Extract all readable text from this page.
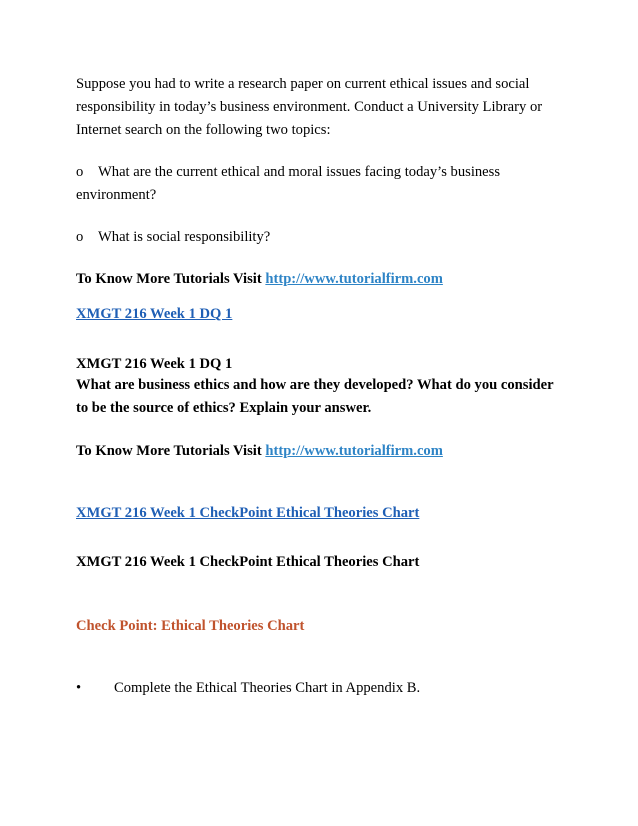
Suppose you had to write a research paper on current ethical issues and social
responsibility in today’s business environment. Conduct a University Library or
Internet search on the following two topics:
o What are the current ethical and moral issues facing today’s business
environment?
o What is social responsibility?
To Know More Tutorials Visit http://www.tutorialfirm.com
XMGT 216 Week 1 DQ 1
XMGT 216 Week 1 DQ 1
What are business ethics and how are they developed? What do you consider
to be the source of ethics? Explain your answer.
To Know More Tutorials Visit http://www.tutorialfirm.com
XMGT 216 Week 1 CheckPoint Ethical Theories Chart
XMGT 216 Week 1 CheckPoint Ethical Theories Chart
Check Point: Ethical Theories Chart
• Complete the Ethical Theories Chart in Appendix B.
